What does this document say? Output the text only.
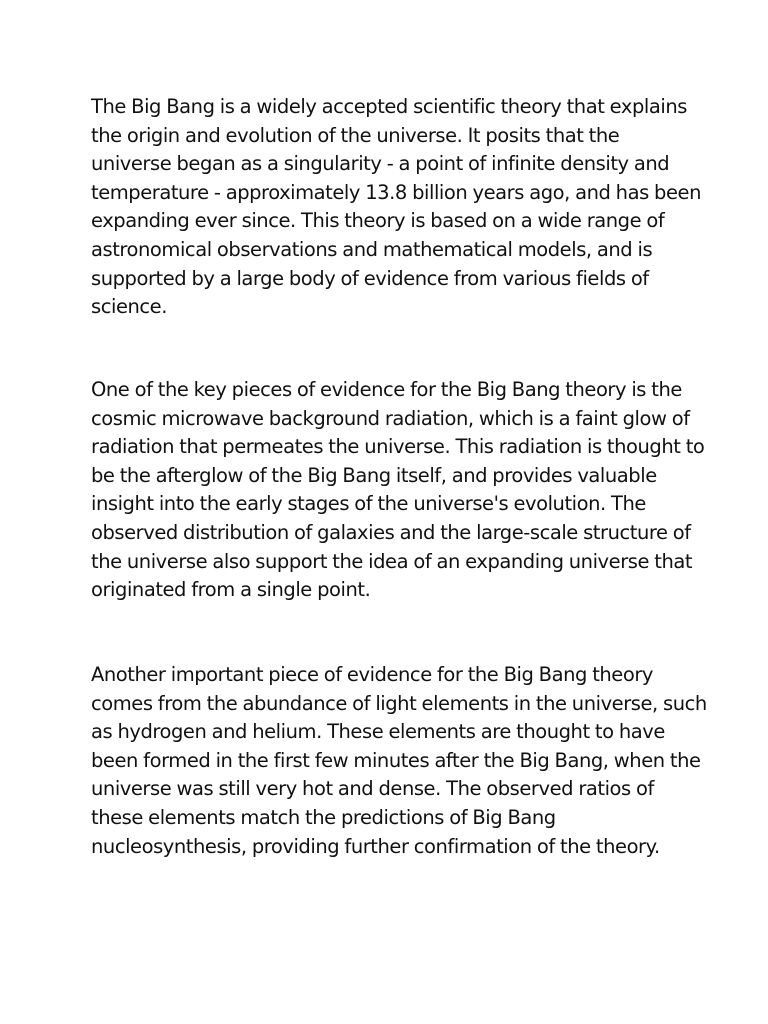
The Big Bang is a widely accepted scientific theory that explains
the origin and evolution of the universe. It posits that the
universe began as a singularity - a point of infinite density and
temperature - approximately 13.8 billion years ago, and has been
expanding ever since. This theory is based on a wide range of
astronomical observations and mathematical models, and is
supported by a large body of evidence from various fields of
science.

One of the key pieces of evidence for the Big Bang theory is the
cosmic microwave background radiation, which is a faint glow of
radiation that permeates the universe. This radiation is thought to
be the afterglow of the Big Bang itself, and provides valuable
insight into the early stages of the universe's evolution. The
observed distribution of galaxies and the large-scale structure of
the universe also support the idea of an expanding universe that
originated from a single point.

Another important piece of evidence for the Big Bang theory
comes from the abundance of light elements in the universe, such
as hydrogen and helium. These elements are thought to have
been formed in the first few minutes after the Big Bang, when the
universe was still very hot and dense. The observed ratios of
these elements match the predictions of Big Bang
nucleosynthesis, providing further confirmation of the theory.
